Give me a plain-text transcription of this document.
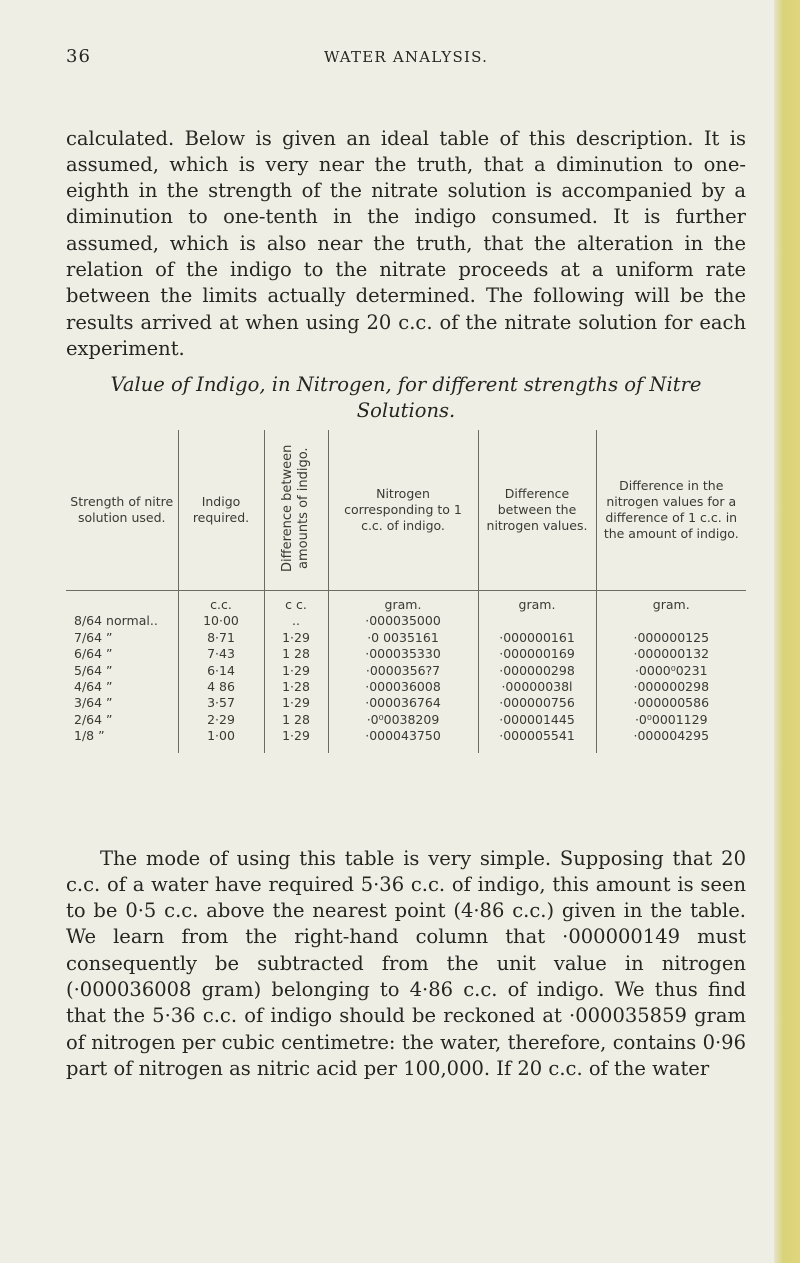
36	WATER ANALYSIS.

calculated. Below is given an ideal table of this description. It is assumed, which is very near the truth, that a diminution to one-eighth in the strength of the nitrate solution is accompanied by a diminution to one-tenth in the indigo consumed. It is further assumed, which is also near the truth, that the alteration in the relation of the indigo to the nitrate proceeds at a uniform rate between the limits actually determined. The following will be the results arrived at when using 20 c.c. of the nitrate solution for each experiment.

Value of Indigo, in Nitrogen, for different strengths of Nitre Solutions.
Strength of nitre solution used.	Indigo required.	Difference between amounts of indigo.	Nitrogen corresponding to 1 c.c. of indigo.	Difference between the nitrogen values.	Difference in the nitrogen values for a difference of 1 c.c. in the amount of indigo.
	c.c.	c c.	gram.	gram.	gram.
8/64 normal..	10·00	..	·000035000		
7/64 ”	8·71	1·29	·0 0035161	·000000161	·000000125
6/64 ”	7·43	1 28	·000035330	·000000169	·000000132
5/64 ”	6·14	1·29	·0000356?7	·000000298	·0000⁰0231
4/64 ”	4 86	1·28	·000036008	·00000038l	·000000298
3/64 ”	3·57	1·29	·000036764	·000000756	·000000586
2/64 ”	2·29	1 28	·0⁰0038209	·000001445	·0⁰0001129
1/8 ”	1·00	1·29	·000043750	·000005541	·000004295

The mode of using this table is very simple. Supposing that 20 c.c. of a water have required 5·36 c.c. of indigo, this amount is seen to be 0·5 c.c. above the nearest point (4·86 c.c.) given in the table. We learn from the right-hand column that ·000000149 must consequently be subtracted from the unit value in nitrogen (·000036008 gram) belonging to 4·86 c.c. of indigo. We thus find that the 5·36 c.c. of indigo should be reckoned at ·000035859 gram of nitrogen per cubic centimetre: the water, therefore, contains 0·96 part of nitrogen as nitric acid per 100,000. If 20 c.c. of the water
